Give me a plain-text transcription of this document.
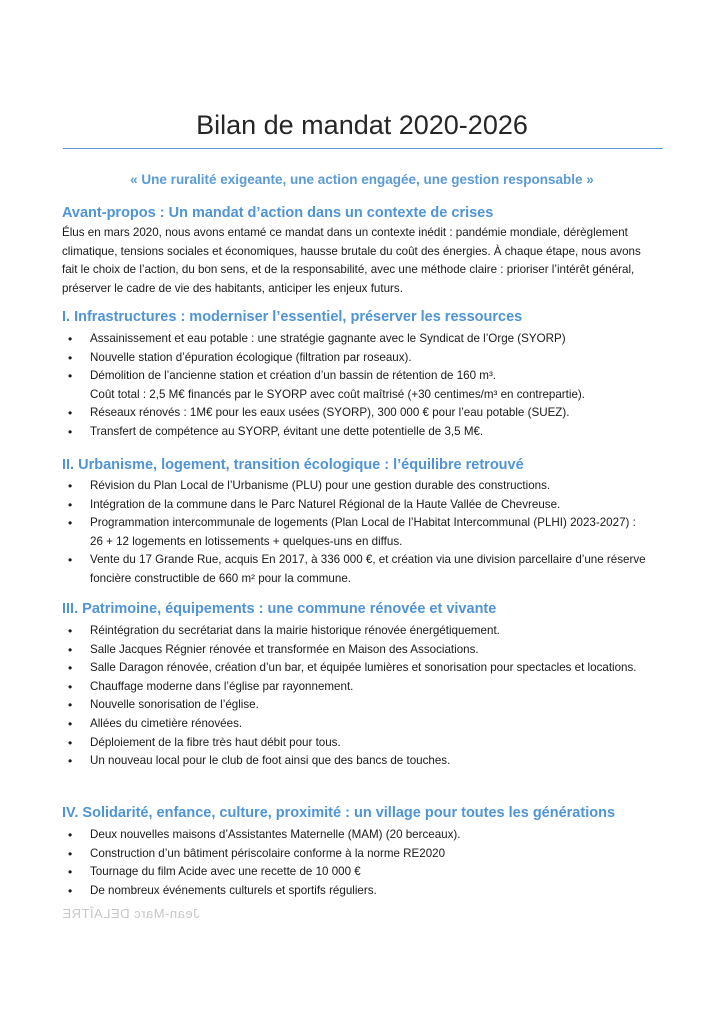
Bilan de mandat 2020-2026
« Une ruralité exigeante, une action engagée, une gestion responsable »
Avant-propos : Un mandat d’action dans un contexte de crises
Élus en mars 2020, nous avons entamé ce mandat dans un contexte inédit : pandémie mondiale, dérèglement
climatique, tensions sociales et économiques, hausse brutale du coût des énergies. À chaque étape, nous avons
fait le choix de l’action, du bon sens, et de la responsabilité, avec une méthode claire : prioriser l’intérêt général,
préserver le cadre de vie des habitants, anticiper les enjeux futurs.
I. Infrastructures : moderniser l’essentiel, préserver les ressources
• Assainissement et eau potable : une stratégie gagnante avec le Syndicat de l’Orge (SYORP)
• Nouvelle station d’épuration écologique (filtration par roseaux).
• Démolition de l’ancienne station et création d’un bassin de rétention de 160 m³.
Coût total : 2,5 M€ financés par le SYORP avec coût maîtrisé (+30 centimes/m³ en contrepartie).
• Réseaux rénovés : 1M€ pour les eaux usées (SYORP), 300 000 € pour l’eau potable (SUEZ).
• Transfert de compétence au SYORP, évitant une dette potentielle de 3,5 M€.
II. Urbanisme, logement, transition écologique : l’équilibre retrouvé
• Révision du Plan Local de l’Urbanisme (PLU) pour une gestion durable des constructions.
• Intégration de la commune dans le Parc Naturel Régional de la Haute Vallée de Chevreuse.
• Programmation intercommunale de logements (Plan Local de l’Habitat Intercommunal (PLHI) 2023-2027) :
26 + 12 logements en lotissements + quelques-uns en diffus.
• Vente du 17 Grande Rue, acquis En 2017, à 336 000 €, et création via une division parcellaire d’une réserve
foncière constructible de 660 m² pour la commune.
III. Patrimoine, équipements : une commune rénovée et vivante
• Réintégration du secrétariat dans la mairie historique rénovée énergétiquement.
• Salle Jacques Régnier rénovée et transformée en Maison des Associations.
• Salle Daragon rénovée, création d’un bar, et équipée lumières et sonorisation pour spectacles et locations.
• Chauffage moderne dans l’église par rayonnement.
• Nouvelle sonorisation de l’église.
• Allées du cimetière rénovées.
• Déploiement de la fibre très haut débit pour tous.
• Un nouveau local pour le club de foot ainsi que des bancs de touches.
IV. Solidarité, enfance, culture, proximité : un village pour toutes les générations
• Deux nouvelles maisons d’Assistantes Maternelle (MAM) (20 berceaux).
• Construction d’un bâtiment périscolaire conforme à la norme RE2020
• Tournage du film Acide avec une recette de 10 000 €
• De nombreux événements culturels et sportifs réguliers.
Jean-Marc DELAÎTRE
